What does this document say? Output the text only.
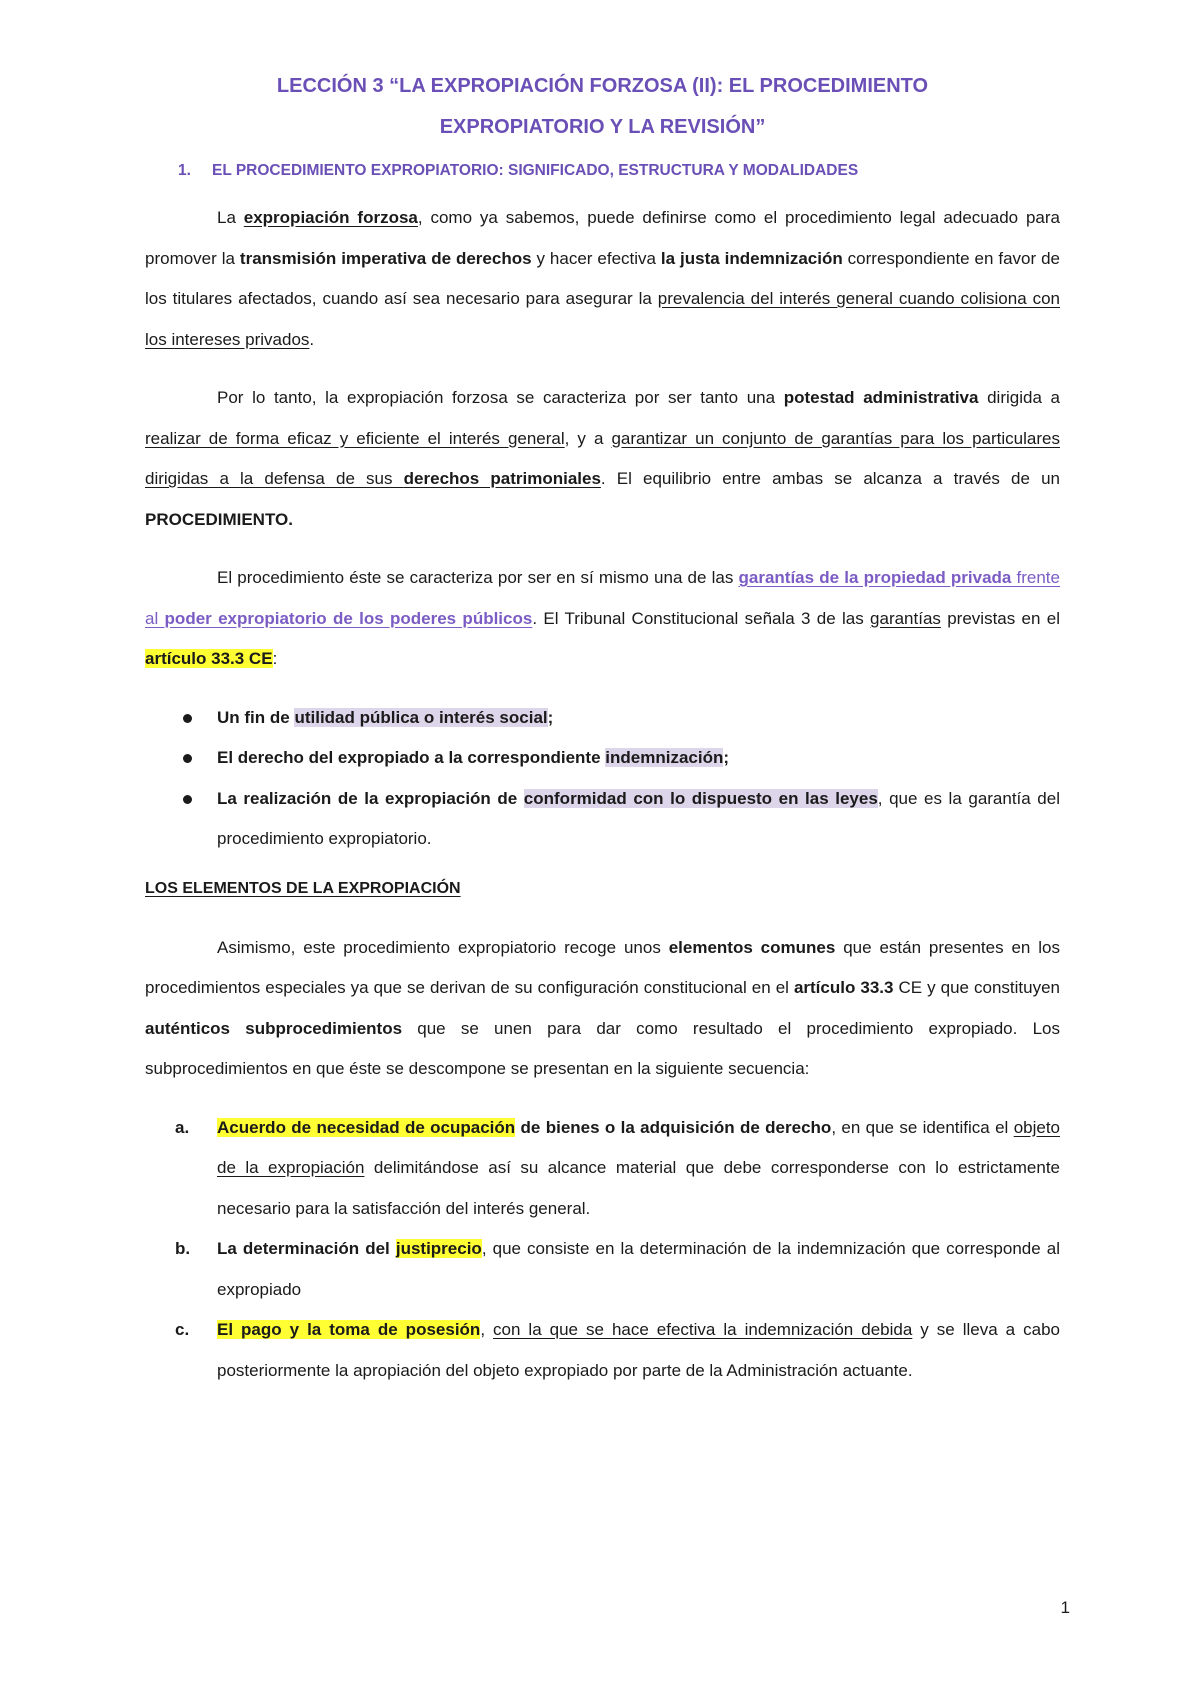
LECCIÓN 3 “LA EXPROPIACIÓN FORZOSA (II): EL PROCEDIMIENTO
EXPROPIATORIO Y LA REVISIÓN”
1.	EL PROCEDIMIENTO EXPROPIATORIO: SIGNIFICADO, ESTRUCTURA Y MODALIDADES

La expropiación forzosa, como ya sabemos, puede definirse como el procedimiento legal adecuado para promover la transmisión imperativa de derechos y hacer efectiva la justa indemnización correspondiente en favor de los titulares afectados, cuando así sea necesario para asegurar la prevalencia del interés general cuando colisiona con los intereses privados.

Por lo tanto, la expropiación forzosa se caracteriza por ser tanto una potestad administrativa dirigida a realizar de forma eficaz y eficiente el interés general, y a garantizar un conjunto de garantías para los particulares dirigidas a la defensa de sus derechos patrimoniales. El equilibrio entre ambas se alcanza a través de un PROCEDIMIENTO.

El procedimiento éste se caracteriza por ser en sí mismo una de las garantías de la propiedad privada frente al poder expropiatorio de los poderes públicos. El Tribunal Constitucional señala 3 de las garantías previstas en el artículo 33.3 CE:

Un fin de utilidad pública o interés social;
El derecho del expropiado a la correspondiente indemnización;
La realización de la expropiación de conformidad con lo dispuesto en las leyes, que es la garantía del procedimiento expropiatorio.
LOS ELEMENTOS DE LA EXPROPIACIÓN

Asimismo, este procedimiento expropiatorio recoge unos elementos comunes que están presentes en los procedimientos especiales ya que se derivan de su configuración constitucional en el artículo 33.3 CE y que constituyen auténticos subprocedimientos que se unen para dar como resultado el procedimiento expropiado. Los subprocedimientos en que éste se descompone se presentan en la siguiente secuencia:

a. Acuerdo de necesidad de ocupación de bienes o la adquisición de derecho, en que se identifica el objeto de la expropiación delimitándose así su alcance material que debe corresponderse con lo estrictamente necesario para la satisfacción del interés general.
b. La determinación del justiprecio, que consiste en la determinación de la indemnización que corresponde al expropiado
c. El pago y la toma de posesión, con la que se hace efectiva la indemnización debida y se lleva a cabo posteriormente la apropiación del objeto expropiado por parte de la Administración actuante.
1
